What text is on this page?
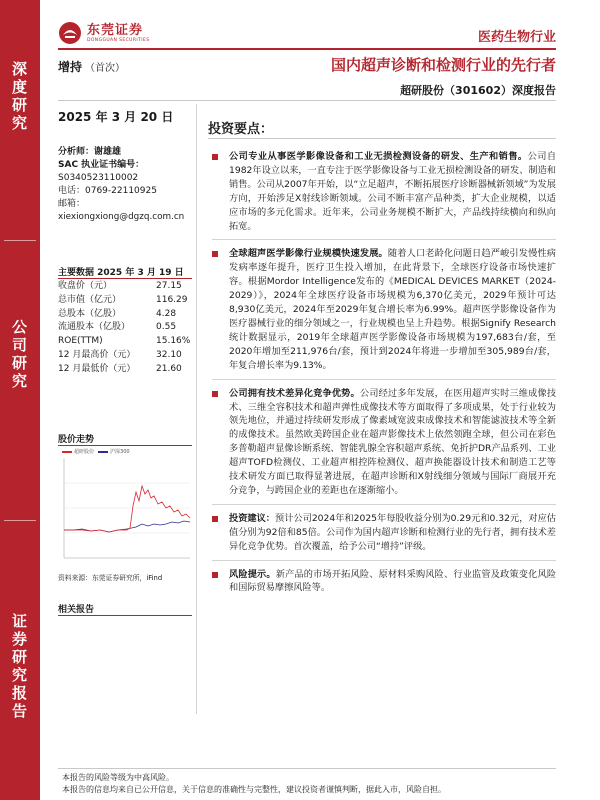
深
度
研
究
公
司
研
究
证
券
研
究
报
告
东莞证券
DONGGUAN SECURITIES	医药生物行业
增持 （首次）	国内超声诊断和检测行业的先行者
超研股份（301602）深度报告
2025 年 3 月 20 日
分析师：谢雄雄
SAC 执业证书编号：
S0340523110002
电话：0769-22110925
邮箱：
xiexiongxiong@dgzq.com.cn
主要数据 2025 年 3 月 19 日
收盘价（元）	27.15
总市值（亿元）	116.29
总股本（亿股）	4.28
流通股本（亿股）	0.55
ROE(TTM)	15.16%
12 月最高价（元） 32.10
12 月最低价（元） 21.60
股价走势
超研股份	沪深300
资料来源：东莞证券研究所，iFind
相关报告
投资要点：
公司专业从事医学影像设备和工业无损检测设备的研发、生产和销售。公司自1982年设立以来，一直专注于医学影像设备与工业无损检测设备的研发、制造和销售。公司从2007年开始，以“立足超声，不断拓展医疗诊断器械新领域”为发展方向，开始涉足X射线诊断领域。公司不断丰富产品种类，扩大企业规模，以适应市场的多元化需求。近年来，公司业务规模不断扩大，产品线持续横向和纵向拓宽。
全球超声医学影像行业规模快速发展。随着人口老龄化问题日趋严峻引发慢性病发病率逐年提升，医疗卫生投入增加，在此背景下，全球医疗设备市场快速扩容。根据Mordor Intelligence发布的《MEDICAL DEVICES MARKET（2024-2029）》，2024年全球医疗设备市场规模为6,370亿美元，2029年预计可达8,930亿美元，2024年至2029年复合增长率为6.99%。超声医学影像设备作为医疗器械行业的细分领域之一，行业规模也呈上升趋势。根据Signify Research统计数据显示，2019年全球超声医学影像设备市场规模为197,683台/套，至2020年增加至211,976台/套，预计到2024年将进一步增加至305,989台/套，年复合增长率为9.13%。
公司拥有技术差异化竞争优势。公司经过多年发展，在医用超声实时三维成像技术、三维全容积技术和超声弹性成像技术等方面取得了多项成果，处于行业较为领先地位，并通过持续研发形成了像素域宽波束成像技术和智能滤波技术等全新的成像技术。虽然欧美跨国企业在超声影像技术上依然领跑全球，但公司在彩色多普勒超声显像诊断系统、智能乳腺全容积超声系统、免折护DR产品系列、工业超声TOFD检测仪、工业超声相控阵检测仪、超声换能器设计技术和制造工艺等技术研发方面已取得显著进展，在超声诊断和X射线细分领域与国际厂商展开充分竞争，与跨国企业的差距也在逐渐缩小。
投资建议：预计公司2024年和2025年每股收益分别为0.29元和0.32元，对应估值分别为92倍和85倍。公司作为国内超声诊断和检测行业的先行者，拥有技术差异化竞争优势。首次覆盖，给予公司“增持”评级。
风险提示。新产品的市场开拓风险、原材料采购风险、行业监管及政策变化风险和国际贸易摩擦风险等。
本报告的风险等级为中高风险。
本报告的信息均来自已公开信息，关于信息的准确性与完整性，建议投资者谨慎判断，据此入市，风险自担。
